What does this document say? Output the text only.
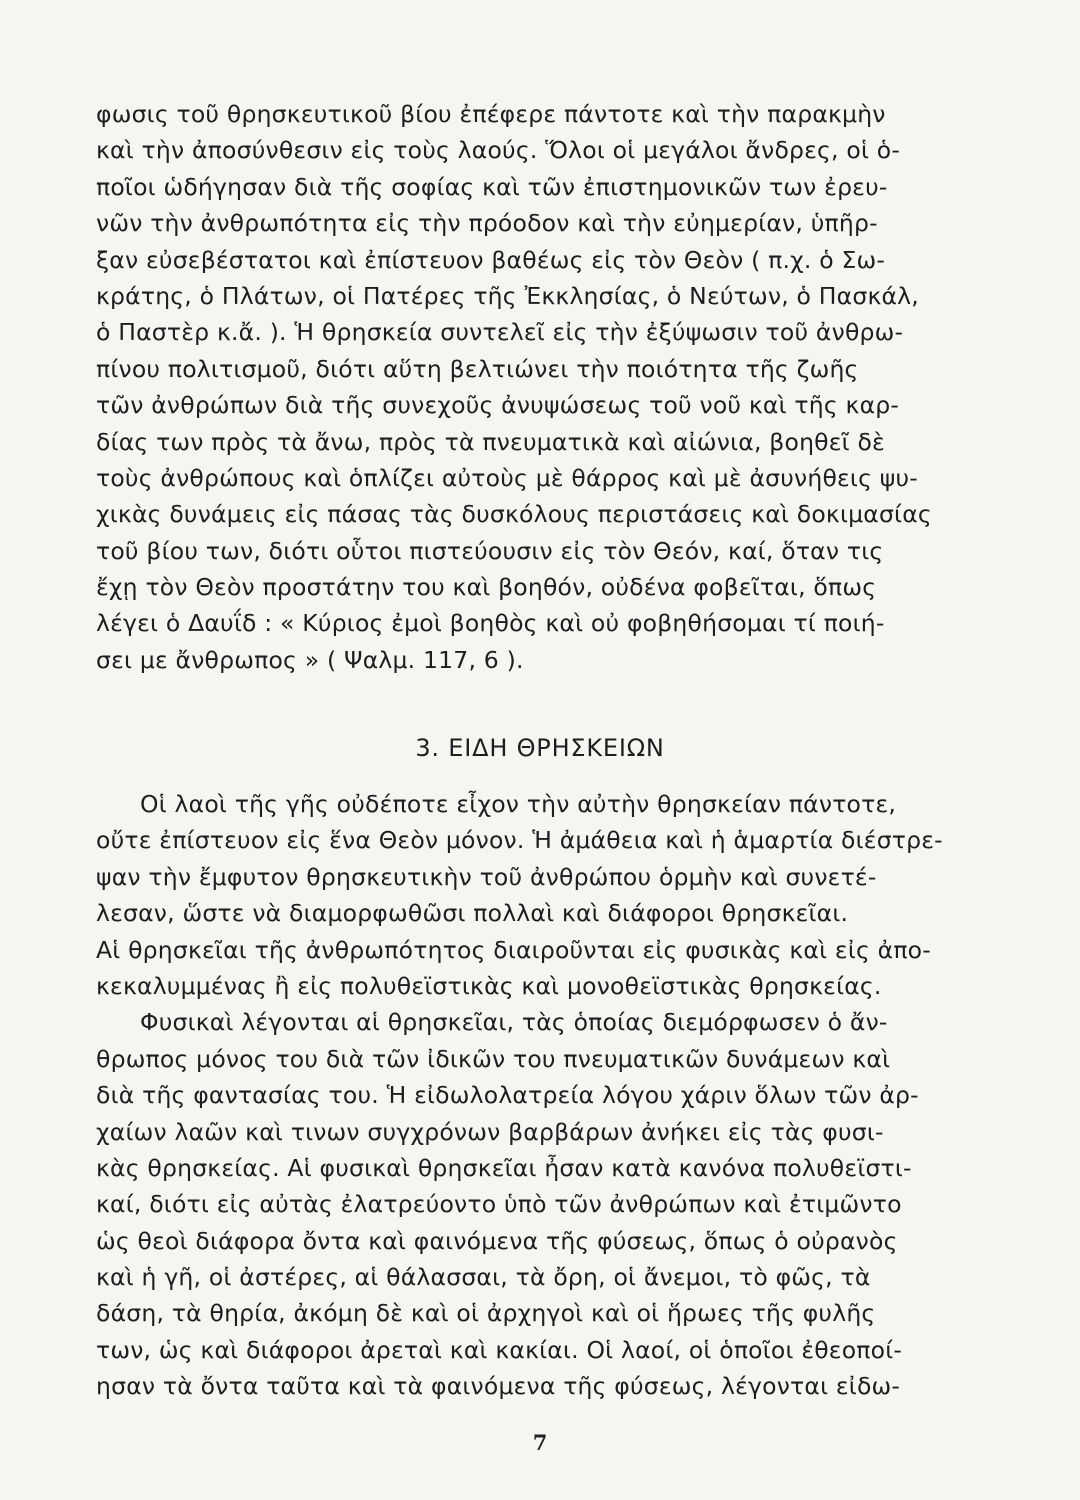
φωσις τοῦ θρησκευτικοῦ βίου ἐπέφερε πάντοτε καὶ τὴν παρακμὴν
καὶ τὴν ἀποσύνθεσιν εἰς τοὺς λαούς. Ὅλοι οἱ μεγάλοι ἄνδρες, οἱ ὁ-
ποῖοι ὡδήγησαν διὰ τῆς σοφίας καὶ τῶν ἐπιστημονικῶν των ἐρευ-
νῶν τὴν ἀνθρωπότητα εἰς τὴν πρόοδον καὶ τὴν εὐημερίαν, ὑπῆρ-
ξαν εὐσεβέστατοι καὶ ἐπίστευον βαθέως εἰς τὸν Θεὸν ( π.χ. ὁ Σω-
κράτης, ὁ Πλάτων, οἱ Πατέρες τῆς Ἐκκλησίας, ὁ Νεύτων, ὁ Πασκάλ,
ὁ Παστὲρ κ.ἄ. ). Ἡ θρησκεία συντελεῖ εἰς τὴν ἐξύψωσιν τοῦ ἀνθρω-
πίνου πολιτισμοῦ, διότι αὕτη βελτιώνει τὴν ποιότητα τῆς ζωῆς
τῶν ἀνθρώπων διὰ τῆς συνεχοῦς ἀνυψώσεως τοῦ νοῦ καὶ τῆς καρ-
δίας των πρὸς τὰ ἄνω, πρὸς τὰ πνευματικὰ καὶ αἰώνια, βοηθεῖ δὲ
τοὺς ἀνθρώπους καὶ ὁπλίζει αὐτοὺς μὲ θάρρος καὶ μὲ ἀσυνήθεις ψυ-
χικὰς δυνάμεις εἰς πάσας τὰς δυσκόλους περιστάσεις καὶ δοκιμασίας
τοῦ βίου των, διότι οὗτοι πιστεύουσιν εἰς τὸν Θεόν, καί, ὅταν τις
ἔχῃ τὸν Θεὸν προστάτην του καὶ βοηθόν, οὐδένα φοβεῖται, ὅπως
λέγει ὁ Δαυΐδ : « Κύριος ἐμοὶ βοηθὸς καὶ οὐ φοβηθήσομαι τί ποιή-
σει με ἄνθρωπος » ( Ψαλμ. 117, 6 ).
3. ΕΙΔΗ ΘΡΗΣΚΕΙΩΝ
Οἱ λαοὶ τῆς γῆς οὐδέποτε εἶχον τὴν αὐτὴν θρησκείαν πάντοτε,
οὔτε ἐπίστευον εἰς ἕνα Θεὸν μόνον. Ἡ ἀμάθεια καὶ ἡ ἁμαρτία διέστρε-
ψαν τὴν ἔμφυτον θρησκευτικὴν τοῦ ἀνθρώπου ὁρμὴν καὶ συνετέ-
λεσαν, ὥστε νὰ διαμορφωθῶσι πολλαὶ καὶ διάφοροι θρησκεῖαι.
Αἱ θρησκεῖαι τῆς ἀνθρωπότητος διαιροῦνται εἰς φυσικὰς καὶ εἰς ἀπο-
κεκαλυμμένας ἢ εἰς πολυθεϊστικὰς καὶ μονοθεϊστικὰς θρησκείας.
Φυσικαὶ λέγονται αἱ θρησκεῖαι, τὰς ὁποίας διεμόρφωσεν ὁ ἄν-
θρωπος μόνος του διὰ τῶν ἰδικῶν του πνευματικῶν δυνάμεων καὶ
διὰ τῆς φαντασίας του. Ἡ εἰδωλολατρεία λόγου χάριν ὅλων τῶν ἀρ-
χαίων λαῶν καὶ τινων συγχρόνων βαρβάρων ἀνήκει εἰς τὰς φυσι-
κὰς θρησκείας. Αἱ φυσικαὶ θρησκεῖαι ἦσαν κατὰ κανόνα πολυθεϊστι-
καί, διότι εἰς αὐτὰς ἐλατρεύοντο ὑπὸ τῶν ἀνθρώπων καὶ ἐτιμῶντο
ὡς θεοὶ διάφορα ὄντα καὶ φαινόμενα τῆς φύσεως, ὅπως ὁ οὐρανὸς
καὶ ἡ γῆ, οἱ ἀστέρες, αἱ θάλασσαι, τὰ ὄρη, οἱ ἄνεμοι, τὸ φῶς, τὰ
δάση, τὰ θηρία, ἀκόμη δὲ καὶ οἱ ἀρχηγοὶ καὶ οἱ ἥρωες τῆς φυλῆς
των, ὡς καὶ διάφοροι ἀρεταὶ καὶ κακίαι. Οἱ λαοί, οἱ ὁποῖοι ἐθεοποί-
ησαν τὰ ὄντα ταῦτα καὶ τὰ φαινόμενα τῆς φύσεως, λέγονται εἰδω-
7
